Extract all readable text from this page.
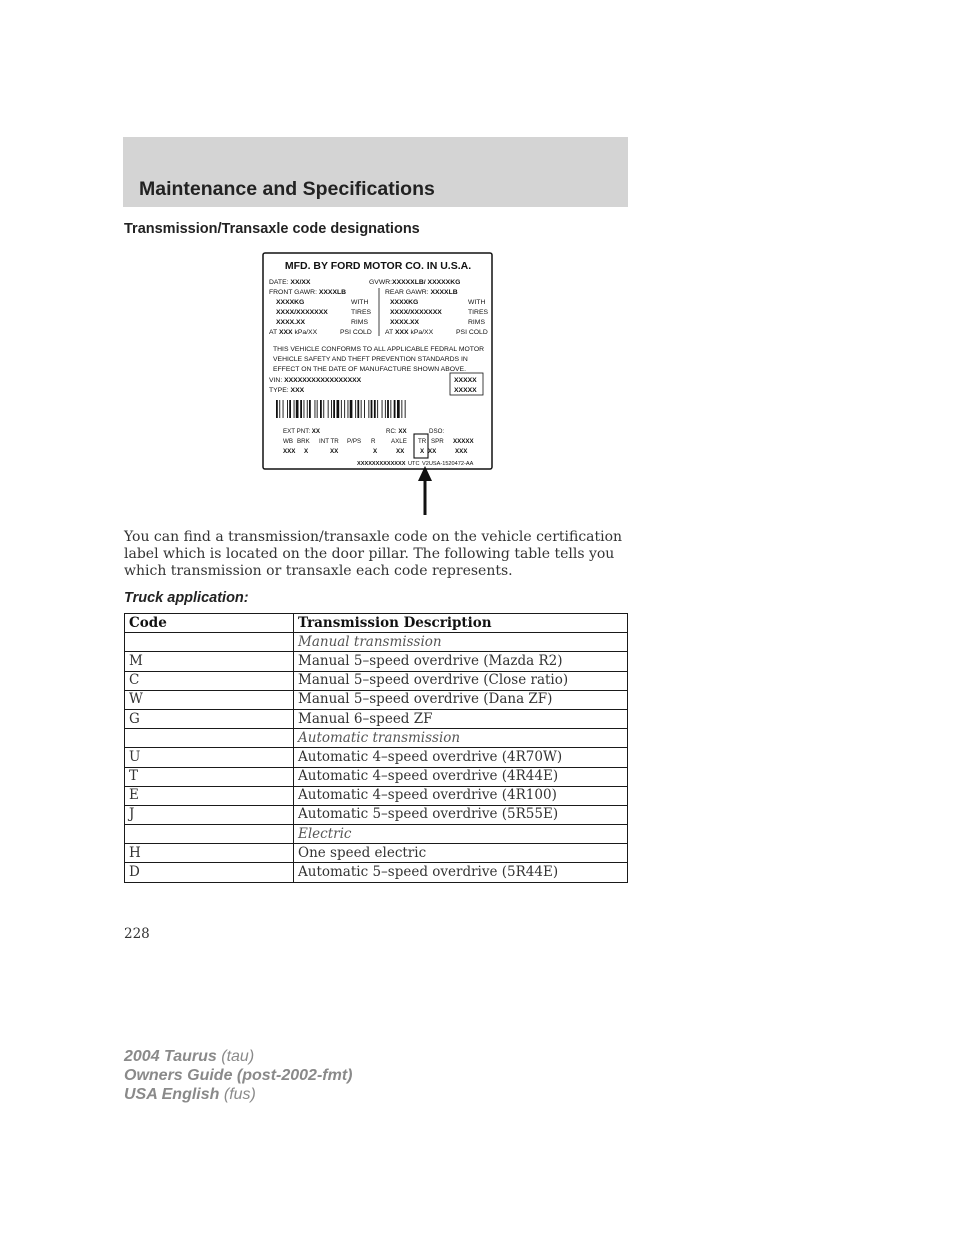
Maintenance and Specifications
Transmission/Transaxle code designations
MFD. BY FORD MOTOR CO. IN U.S.A.
DATE: XX/XX	GVWR:XXXXXLB/ XXXXXKG
FRONT GAWR: XXXXLB
XXXXKG	WITH
XXXX/XXXXXXX	TIRES
XXXX.XX	RIMS
AT XXX kPa/XX	PSI COLD
REAR GAWR: XXXXLB
XXXXKG	WITH
XXXX/XXXXXXX	TIRES
XXXX.XX	RIMS
AT XXX kPa/XX	PSI COLD
THIS VEHICLE CONFORMS TO ALL APPLICABLE FEDRAL MOTOR
VEHICLE SAFETY AND THEFT PREVENTION STANDARDS IN
EFFECT ON THE DATE OF MANUFACTURE SHOWN ABOVE.
VIN: XXXXXXXXXXXXXXXXX
TYPE: XXX
XXXXX
XXXXX
EXT PNT: XX	RC: XX	DSO:
WB BRK INT TR P/PS R	AXLE TR SPR XXXXX
XXX X	XX	X	XX	X XX	XXX
XXXXXXXXXXXXX UTC V2USA-1520472-AA
You can find a transmission/transaxle code on the vehicle certification label which is located on the door pillar. The following table tells you which transmission or transaxle each code represents.
Truck application:
Code	Transmission Description
	Manual transmission
M	Manual 5–speed overdrive (Mazda R2)
C	Manual 5–speed overdrive (Close ratio)
W	Manual 5–speed overdrive (Dana ZF)
G	Manual 6–speed ZF
	Automatic transmission
U	Automatic 4–speed overdrive (4R70W)
T	Automatic 4–speed overdrive (4R44E)
E	Automatic 4–speed overdrive (4R100)
J	Automatic 5–speed overdrive (5R55E)
	Electric
H	One speed electric
D	Automatic 5–speed overdrive (5R44E)
228
2004 Taurus (tau)
Owners Guide (post-2002-fmt)
USA English (fus)
